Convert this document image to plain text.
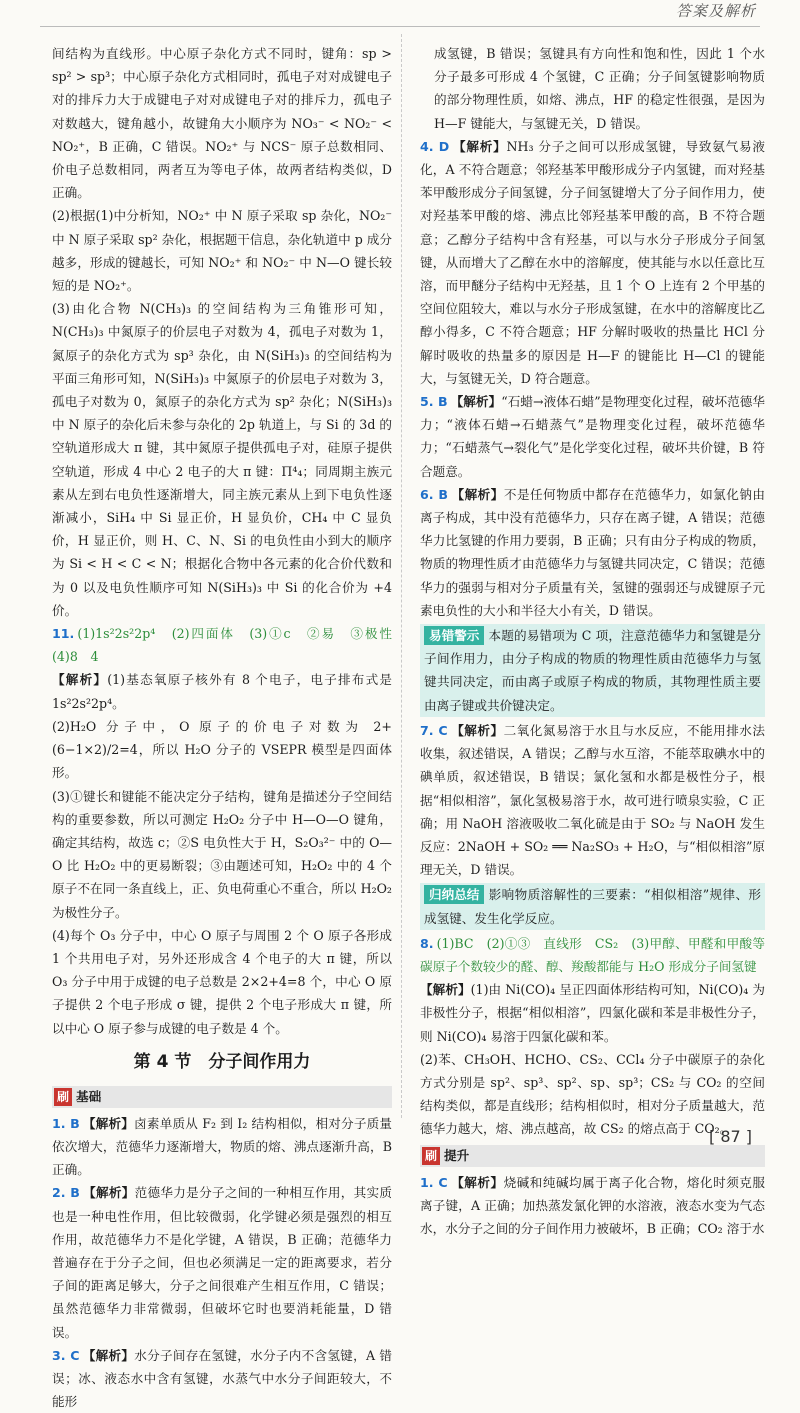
答案及解析

间结构为直线形。中心原子杂化方式不同时，键角：sp > sp² > sp³；中心原子杂化方式相同时，孤电子对对成键电子对的排斥力大于成键电子对对成键电子对的排斥力，孤电子对数越大，键角越小，故键角大小顺序为 NO₃⁻ < NO₂⁻ < NO₂⁺，B 正确，C 错误。NO₂⁺ 与 NCS⁻ 原子总数相同、价电子总数相同，两者互为等电子体，故两者结构类似，D 正确。

(2)根据(1)中分析知，NO₂⁺ 中 N 原子采取 sp 杂化，NO₂⁻ 中 N 原子采取 sp² 杂化，根据题干信息，杂化轨道中 p 成分越多，形成的键越长，可知 NO₂⁺ 和 NO₂⁻ 中 N—O 键长较短的是 NO₂⁺。

(3)由化合物 N(CH₃)₃ 的空间结构为三角锥形可知，N(CH₃)₃ 中氮原子的价层电子对数为 4，孤电子对数为 1，氮原子的杂化方式为 sp³ 杂化，由 N(SiH₃)₃ 的空间结构为平面三角形可知，N(SiH₃)₃ 中氮原子的价层电子对数为 3，孤电子对数为 0，氮原子的杂化方式为 sp² 杂化；N(SiH₃)₃ 中 N 原子的杂化后未参与杂化的 2p 轨道上，与 Si 的 3d 的空轨道形成大 π 键，其中氮原子提供孤电子对，硅原子提供空轨道，形成 4 中心 2 电子的大 π 键：Π⁴₄；同周期主族元素从左到右电负性逐渐增大，同主族元素从上到下电负性逐渐减小，SiH₄ 中 Si 显正价，H 显负价，CH₄ 中 C 显负价，H 显正价，则 H、C、N、Si 的电负性由小到大的顺序为 Si < H < C < N；根据化合物中各元素的化合价代数和为 0 以及电负性顺序可知 N(SiH₃)₃ 中 Si 的化合价为 +4 价。

11. (1)1s²2s²2p⁴　(2)四面体　(3)①c　②易　③极性　(4)8　4

【解析】(1)基态氧原子核外有 8 个电子，电子排布式是 1s²2s²2p⁴。

(2)H₂O 分子中，O 原子的价电子对数为 2+(6−1×2)/2=4，所以 H₂O 分子的 VSEPR 模型是四面体形。

(3)①键长和键能不能决定分子结构，键角是描述分子空间结构的重要参数，所以可测定 H₂O₂ 分子中 H—O—O 键角，确定其结构，故选 c；②S 电负性大于 H，S₂O₃²⁻ 中的 O—O 比 H₂O₂ 中的更易断裂；③由题述可知，H₂O₂ 中的 4 个原子不在同一条直线上，正、负电荷重心不重合，所以 H₂O₂ 为极性分子。

(4)每个 O₃ 分子中，中心 O 原子与周围 2 个 O 原子各形成 1 个共用电子对，另外还形成含 4 个电子的大 π 键，所以 O₃ 分子中用于成键的电子总数是 2×2+4=8 个，中心 O 原子提供 2 个电子形成 σ 键，提供 2 个电子形成大 π 键，所以中心 O 原子参与成键的电子数是 4 个。

第 4 节　分子间作用力
刷 基础

1. B 【解析】卤素单质从 F₂ 到 I₂ 结构相似，相对分子质量依次增大，范德华力逐渐增大，物质的熔、沸点逐渐升高，B 正确。

2. B 【解析】范德华力是分子之间的一种相互作用，其实质也是一种电性作用，但比较微弱，化学键必须是强烈的相互作用，故范德华力不是化学键，A 错误，B 正确；范德华力普遍存在于分子之间，但也必须满足一定的距离要求，若分子间的距离足够大，分子之间很难产生相互作用，C 错误；虽然范德华力非常微弱，但破坏它时也要消耗能量，D 错误。

3. C 【解析】水分子间存在氢键，水分子内不含氢键，A 错误；冰、液态水中含有氢键，水蒸气中水分子间距较大，不能形

成氢键，B 错误；氢键具有方向性和饱和性，因此 1 个水分子最多可形成 4 个氢键，C 正确；分子间氢键影响物质的部分物理性质，如熔、沸点，HF 的稳定性很强，是因为 H—F 键能大，与氢键无关，D 错误。

4. D 【解析】NH₃ 分子之间可以形成氢键，导致氨气易液化，A 不符合题意；邻羟基苯甲酸形成分子内氢键，而对羟基苯甲酸形成分子间氢键，分子间氢键增大了分子间作用力，使对羟基苯甲酸的熔、沸点比邻羟基苯甲酸的高，B 不符合题意；乙醇分子结构中含有羟基，可以与水分子形成分子间氢键，从而增大了乙醇在水中的溶解度，使其能与水以任意比互溶，而甲醚分子结构中无羟基，且 1 个 O 上连有 2 个甲基的空间位阻较大，难以与水分子形成氢键，在水中的溶解度比乙醇小得多，C 不符合题意；HF 分解时吸收的热量比 HCl 分解时吸收的热量多的原因是 H—F 的键能比 H—Cl 的键能大，与氢键无关，D 符合题意。

5. B 【解析】“石蜡→液体石蜡”是物理变化过程，破坏范德华力；“液体石蜡→石蜡蒸气”是物理变化过程，破坏范德华力；“石蜡蒸气→裂化气”是化学变化过程，破坏共价键，B 符合题意。

6. B 【解析】不是任何物质中都存在范德华力，如氯化钠由离子构成，其中没有范德华力，只存在离子键，A 错误；范德华力比氢键的作用力要弱，B 正确；只有由分子构成的物质，物质的物理性质才由范德华力与氢键共同决定，C 错误；范德华力的强弱与相对分子质量有关，氢键的强弱还与成键原子元素电负性的大小和半径大小有关，D 错误。

易错警示 本题的易错项为 C 项，注意范德华力和氢键是分子间作用力，由分子构成的物质的物理性质由范德华力与氢键共同决定，而由离子或原子构成的物质，其物理性质主要由离子键或共价键决定。

7. C 【解析】二氧化氮易溶于水且与水反应，不能用排水法收集，叙述错误，A 错误；乙醇与水互溶，不能萃取碘水中的碘单质，叙述错误，B 错误；氯化氢和水都是极性分子，根据“相似相溶”，氯化氢极易溶于水，故可进行喷泉实验，C 正确；用 NaOH 溶液吸收二氧化硫是由于 SO₂ 与 NaOH 发生反应：2NaOH + SO₂ ══ Na₂SO₃ + H₂O，与“相似相溶”原理无关，D 错误。

归纳总结 影响物质溶解性的三要素：“相似相溶”规律、形成氢键、发生化学反应。

8. (1)BC　(2)①③　直线形　CS₂　(3)甲醇、甲醛和甲酸等碳原子个数较少的醛、醇、羧酸都能与 H₂O 形成分子间氢键

【解析】(1)由 Ni(CO)₄ 呈正四面体形结构可知，Ni(CO)₄ 为非极性分子，根据“相似相溶”，四氯化碳和苯是非极性分子，则 Ni(CO)₄ 易溶于四氯化碳和苯。

(2)苯、CH₃OH、HCHO、CS₂、CCl₄ 分子中碳原子的杂化方式分别是 sp²、sp³、sp²、sp、sp³；CS₂ 与 CO₂ 的空间结构类似，都是直线形；结构相似时，相对分子质量越大，范德华力越大，熔、沸点越高，故 CS₂ 的熔点高于 CO₂。

刷 提升

1. C 【解析】烧碱和纯碱均属于离子化合物，熔化时须克服离子键，A 正确；加热蒸发氯化钾的水溶液，液态水变为气态水，水分子之间的分子间作用力被破坏，B 正确；CO₂ 溶于水

[ 87 ]
